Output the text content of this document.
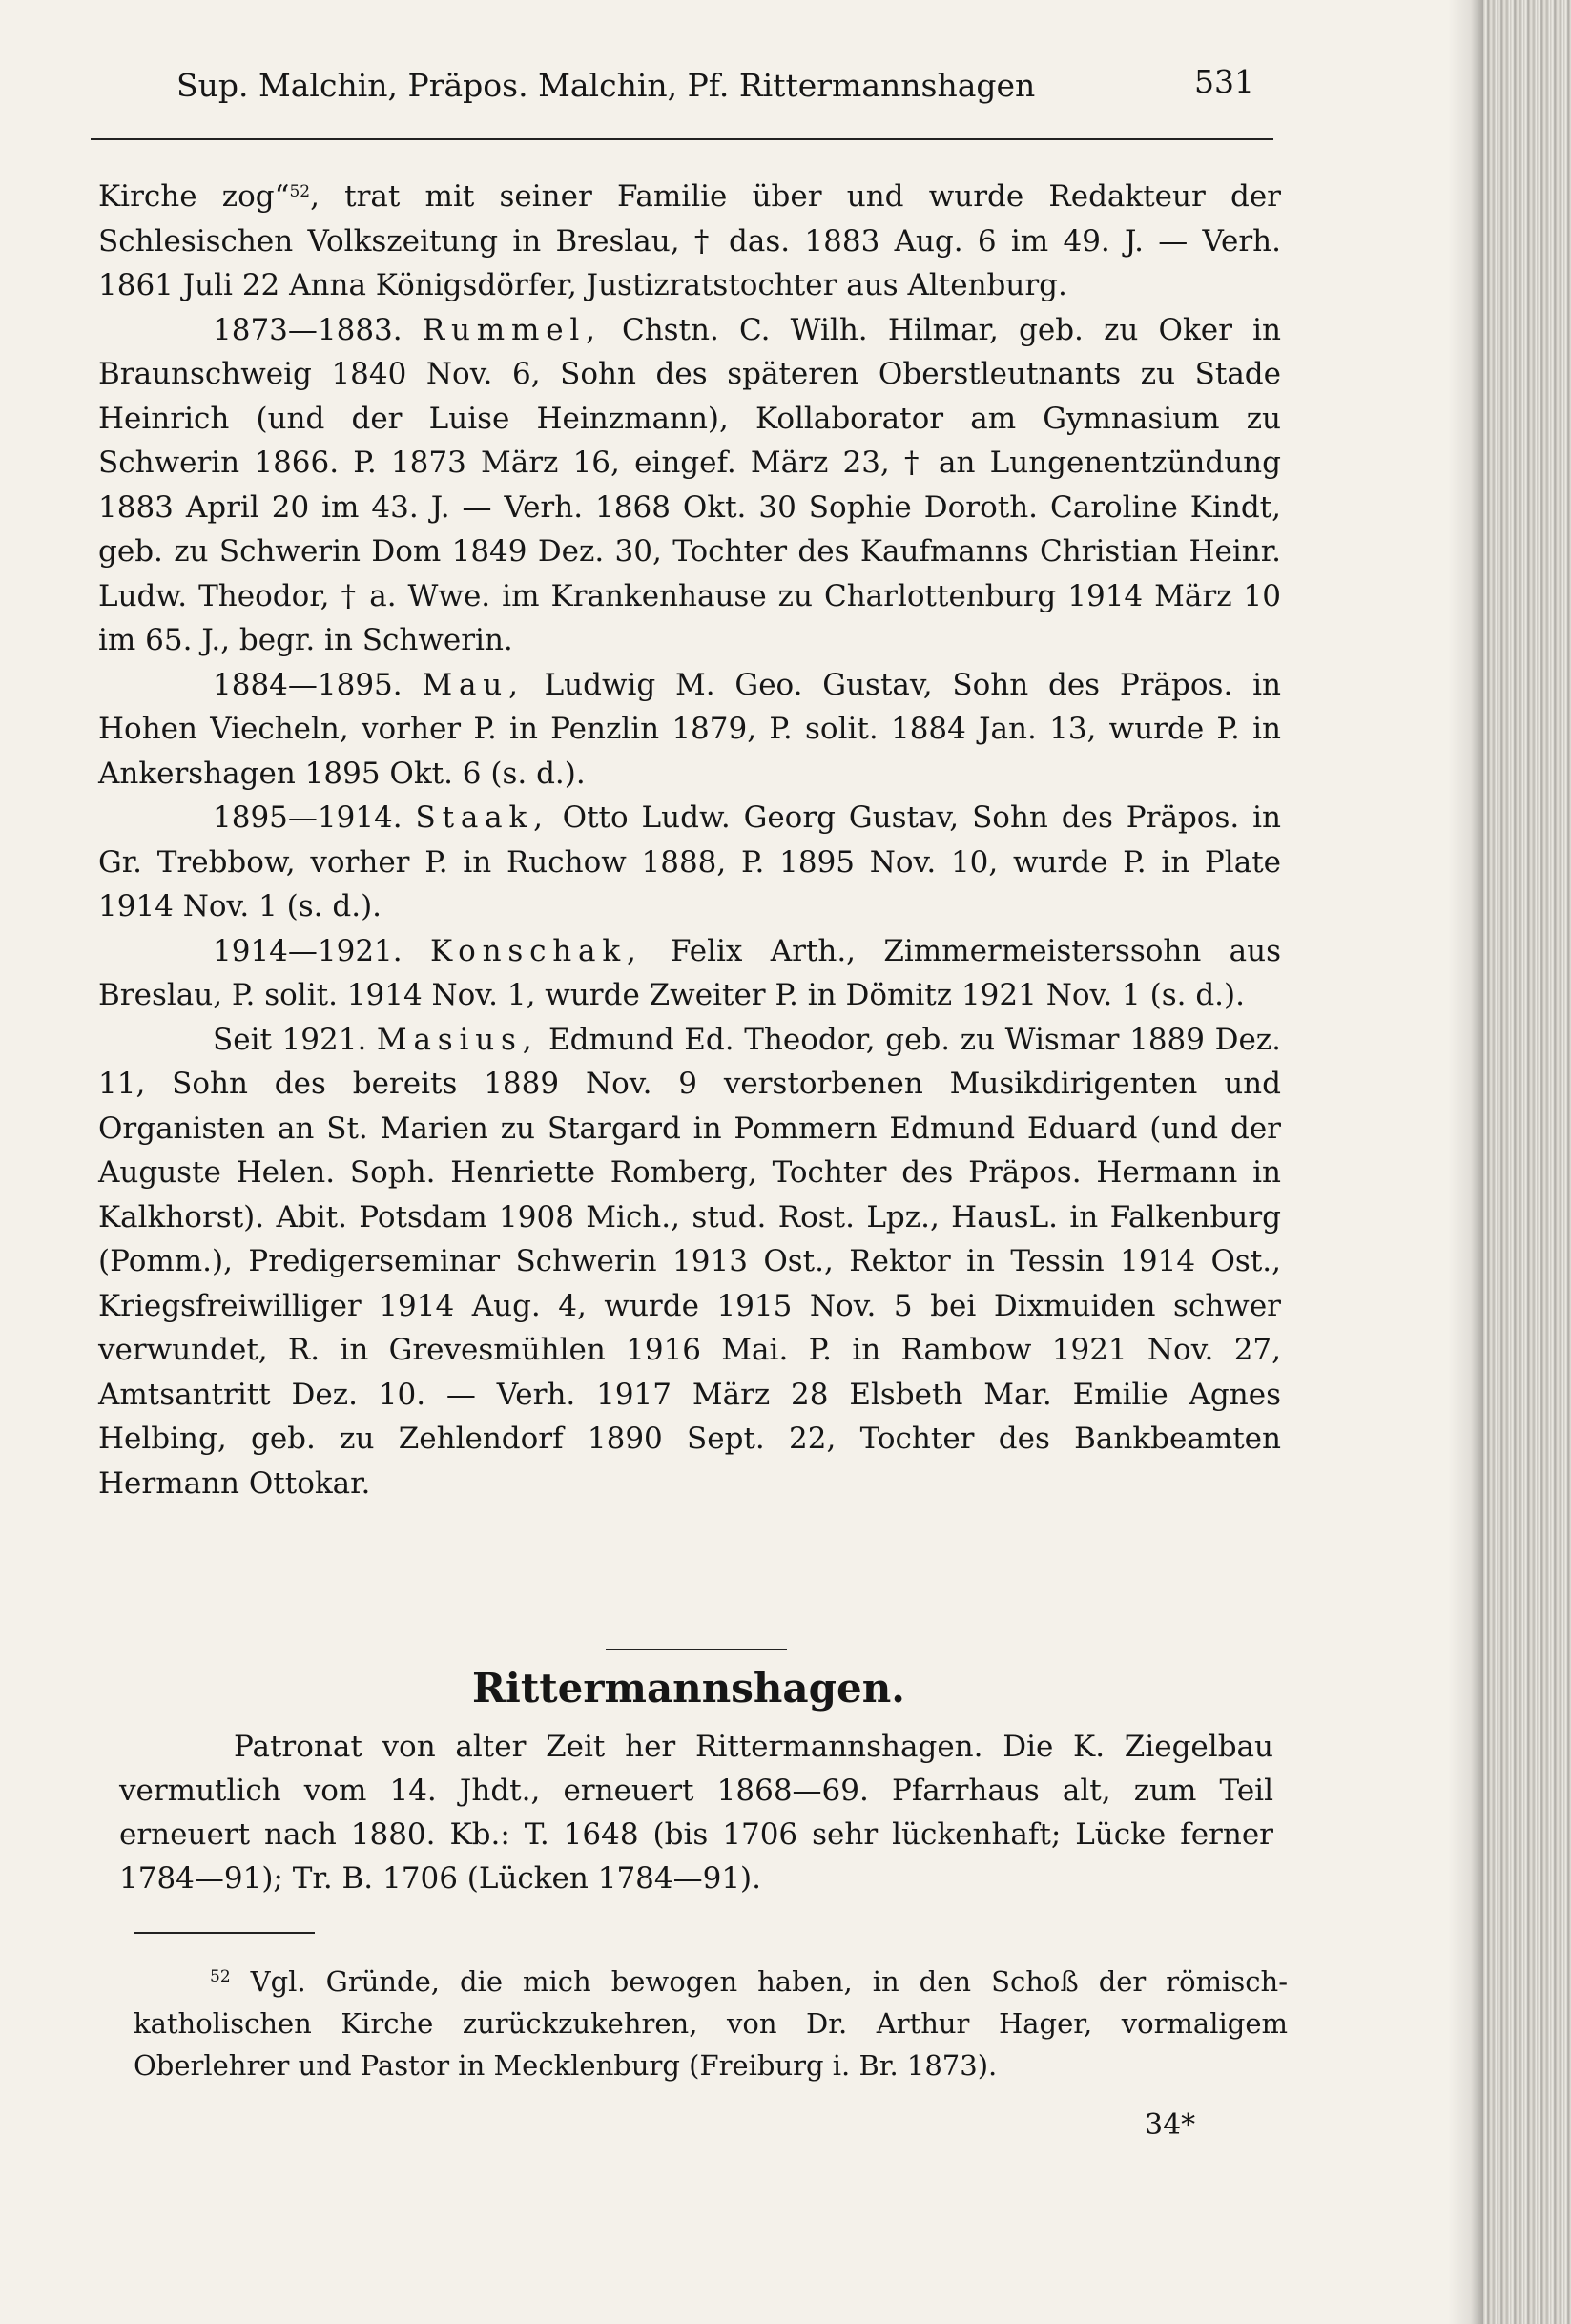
Sup. Malchin, Präpos. Malchin, Pf. Rittermannshagen	531

Kirche zog“$^{52}$, trat mit seiner Familie über und wurde Redakteur der Schlesischen Volkszeitung in Breslau, † das. 1883 Aug. 6 im 49. J. — Verh. 1861 Juli 22 Anna Königsdörfer, Justizratstochter aus Altenburg.

1873—1883. Rummel, Chstn. C. Wilh. Hilmar, geb. zu Oker in Braunschweig 1840 Nov. 6, Sohn des späteren Oberstleutnants zu Stade Heinrich (und der Luise Heinzmann), Kollaborator am Gymnasium zu Schwerin 1866. P. 1873 März 16, eingef. März 23, † an Lungenentzündung 1883 April 20 im 43. J. — Verh. 1868 Okt. 30 Sophie Doroth. Caroline Kindt, geb. zu Schwerin Dom 1849 Dez. 30, Tochter des Kaufmanns Christian Heinr. Ludw. Theodor, † a. Wwe. im Krankenhause zu Charlottenburg 1914 März 10 im 65. J., begr. in Schwerin.

1884—1895. Mau, Ludwig M. Geo. Gustav, Sohn des Präpos. in Hohen Viecheln, vorher P. in Penzlin 1879, P. solit. 1884 Jan. 13, wurde P. in Ankershagen 1895 Okt. 6 (s. d.).

1895—1914. Staak, Otto Ludw. Georg Gustav, Sohn des Präpos. in Gr. Trebbow, vorher P. in Ruchow 1888, P. 1895 Nov. 10, wurde P. in Plate 1914 Nov. 1 (s. d.).

1914—1921. Konschak, Felix Arth., Zimmermeisterssohn aus Breslau, P. solit. 1914 Nov. 1, wurde Zweiter P. in Dömitz 1921 Nov. 1 (s. d.).

Seit 1921. Masius, Edmund Ed. Theodor, geb. zu Wismar 1889 Dez. 11, Sohn des bereits 1889 Nov. 9 verstorbenen Musikdirigenten und Organisten an St. Marien zu Stargard in Pommern Edmund Eduard (und der Auguste Helen. Soph. Henriette Romberg, Tochter des Präpos. Hermann in Kalkhorst). Abit. Potsdam 1908 Mich., stud. Rost. Lpz., HausL. in Falkenburg (Pomm.), Predigerseminar Schwerin 1913 Ost., Rektor in Tessin 1914 Ost., Kriegsfreiwilliger 1914 Aug. 4, wurde 1915 Nov. 5 bei Dixmuiden schwer verwundet, R. in Grevesmühlen 1916 Mai. P. in Rambow 1921 Nov. 27, Amtsantritt Dez. 10. — Verh. 1917 März 28 Elsbeth Mar. Emilie Agnes Helbing, geb. zu Zehlendorf 1890 Sept. 22, Tochter des Bankbeamten Hermann Ottokar.

Rittermannshagen.

Patronat von alter Zeit her Rittermannshagen. Die K. Ziegelbau vermutlich vom 14. Jhdt., erneuert 1868—69. Pfarrhaus alt, zum Teil erneuert nach 1880. Kb.: T. 1648 (bis 1706 sehr lückenhaft; Lücke ferner 1784—91); Tr. B. 1706 (Lücken 1784—91).

$^{52}$ Vgl. Gründe, die mich bewogen haben, in den Schoß der römisch-katholischen Kirche zurückzukehren, von Dr. Arthur Hager, vormaligem Oberlehrer und Pastor in Mecklenburg (Freiburg i. Br. 1873).

34*
